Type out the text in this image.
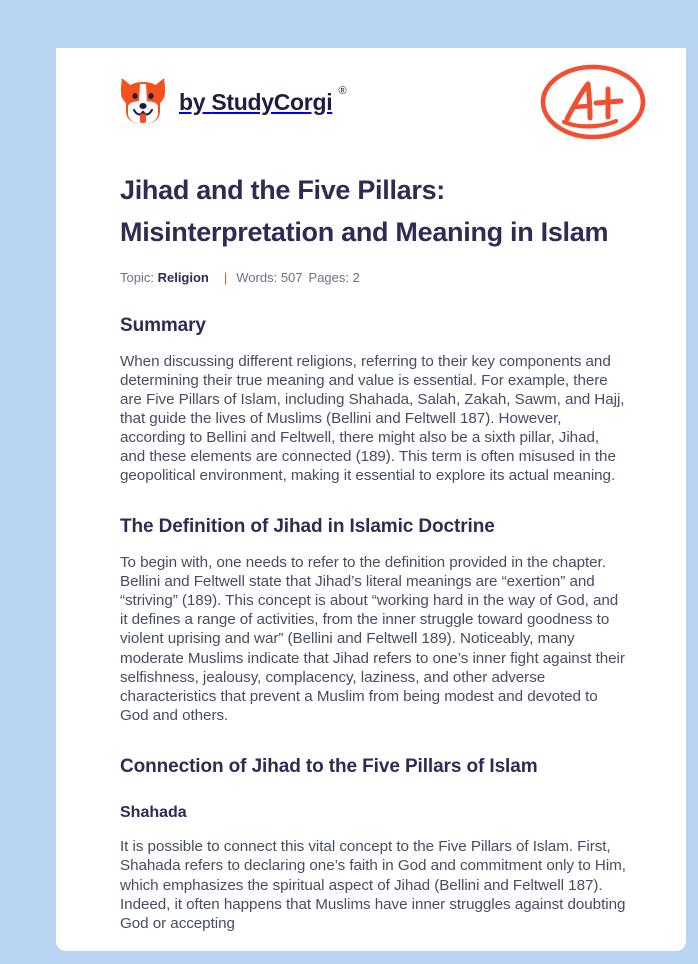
by StudyCorgi ®
Jihad and the Five Pillars: Misinterpretation and Meaning in Islam
Topic: Religion | Words: 507 Pages: 2
Summary

When discussing different religions, referring to their key components and determining their true meaning and value is essential. For example, there are Five Pillars of Islam, including Shahada, Salah, Zakah, Sawm, and Hajj, that guide the lives of Muslims (Bellini and Feltwell 187). However, according to Bellini and Feltwell, there might also be a sixth pillar, Jihad, and these elements are connected (189). This term is often misused in the geopolitical environment, making it essential to explore its actual meaning.

The Definition of Jihad in Islamic Doctrine

To begin with, one needs to refer to the definition provided in the chapter. Bellini and Feltwell state that Jihad’s literal meanings are “exertion” and “striving” (189). This concept is about “working hard in the way of God, and it defines a range of activities, from the inner struggle toward goodness to violent uprising and war” (Bellini and Feltwell 189). Noticeably, many moderate Muslims indicate that Jihad refers to one’s inner fight against their selfishness, jealousy, complacency, laziness, and other adverse characteristics that prevent a Muslim from being modest and devoted to God and others.

Connection of Jihad to the Five Pillars of Islam
Shahada

It is possible to connect this vital concept to the Five Pillars of Islam. First, Shahada refers to declaring one’s faith in God and commitment only to Him, which emphasizes the spiritual aspect of Jihad (Bellini and Feltwell 187). Indeed, it often happens that Muslims have inner struggles against doubting God or accepting
